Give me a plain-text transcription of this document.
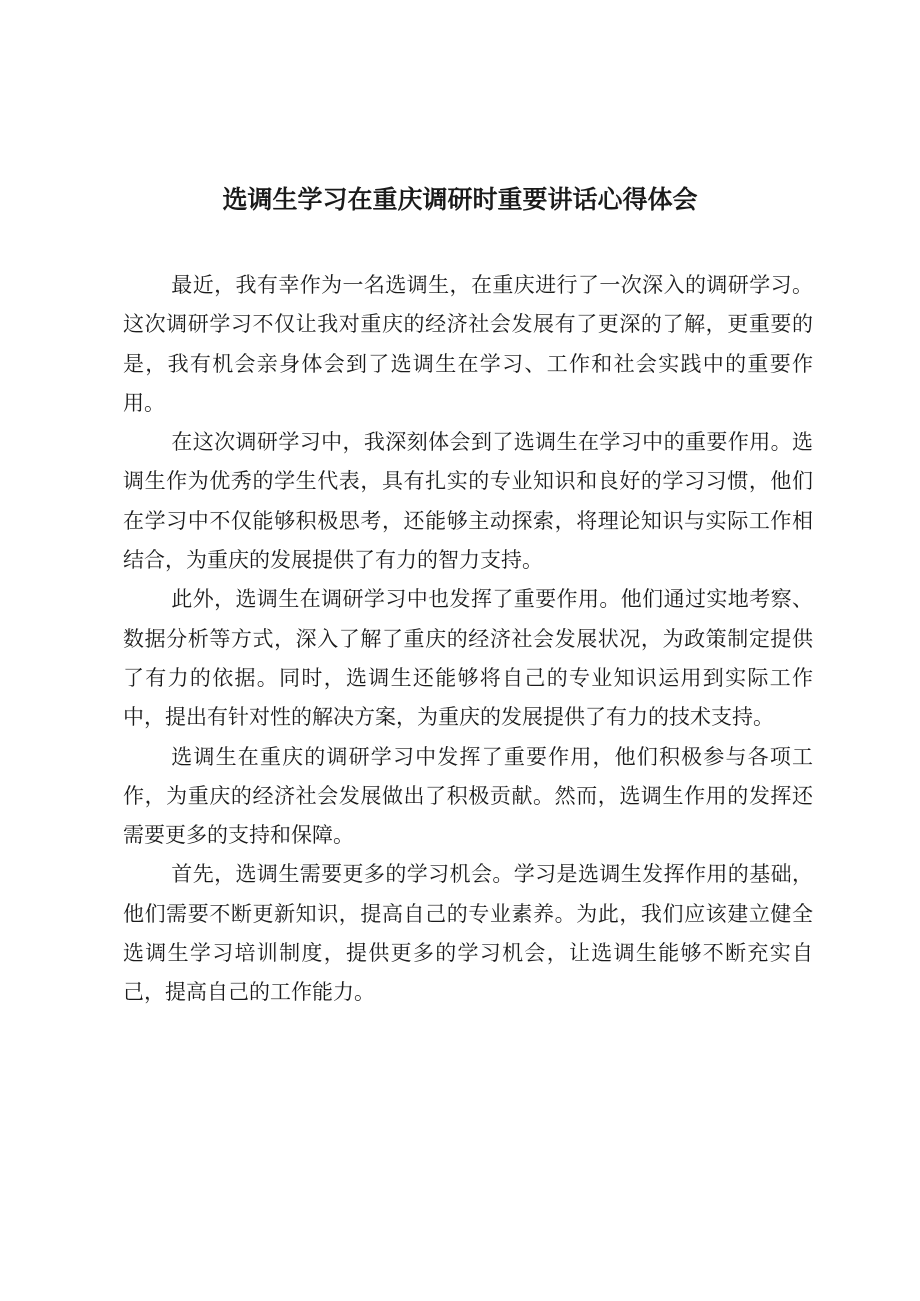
选调生学习在重庆调研时重要讲话心得体会

最近，我有幸作为一名选调生，在重庆进行了一次深入的调研学习。这次调研学习不仅让我对重庆的经济社会发展有了更深的了解，更重要的是，我有机会亲身体会到了选调生在学习、工作和社会实践中的重要作用。

在这次调研学习中，我深刻体会到了选调生在学习中的重要作用。选调生作为优秀的学生代表，具有扎实的专业知识和良好的学习习惯，他们在学习中不仅能够积极思考，还能够主动探索，将理论知识与实际工作相结合，为重庆的发展提供了有力的智力支持。

此外，选调生在调研学习中也发挥了重要作用。他们通过实地考察、数据分析等方式，深入了解了重庆的经济社会发展状况，为政策制定提供了有力的依据。同时，选调生还能够将自己的专业知识运用到实际工作中，提出有针对性的解决方案，为重庆的发展提供了有力的技术支持。

选调生在重庆的调研学习中发挥了重要作用，他们积极参与各项工作，为重庆的经济社会发展做出了积极贡献。然而，选调生作用的发挥还需要更多的支持和保障。

首先，选调生需要更多的学习机会。学习是选调生发挥作用的基础，他们需要不断更新知识，提高自己的专业素养。为此，我们应该建立健全选调生学习培训制度，提供更多的学习机会，让选调生能够不断充实自己，提高自己的工作能力。
